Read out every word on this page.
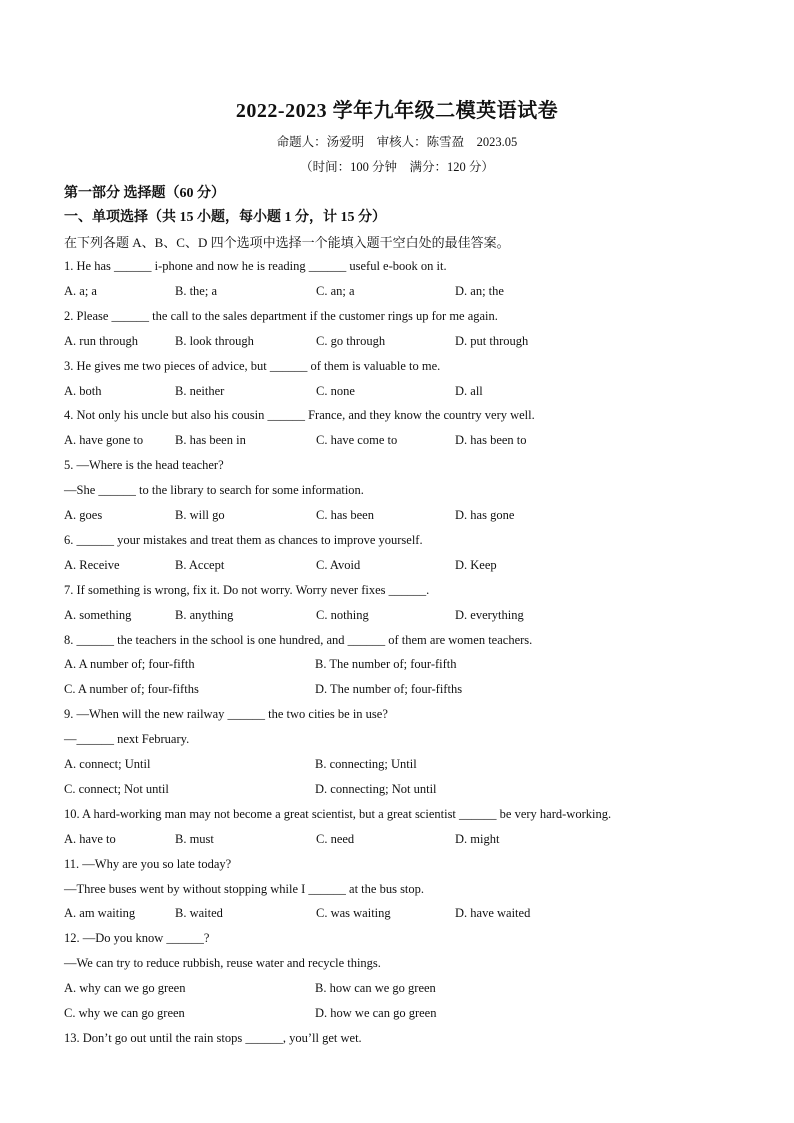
2022-2023 学年九年级二模英语试卷
命题人：汤爱明　审核人：陈雪盈　2023.05
（时间：100 分钟　满分：120 分）
第一部分 选择题（60 分）
一、单项选择（共 15 小题，每小题 1 分，计 15 分）
在下列各题 A、B、C、D 四个选项中选择一个能填入题干空白处的最佳答案。
1. He has ______ i-phone and now he is reading ______ useful e-book on it.
A. a; a	B. the; a	C. an; a	D. an; the
2. Please ______ the call to the sales department if the customer rings up for me again.
A. run through	B. look through	C. go through	D. put through
3. He gives me two pieces of advice, but ______ of them is valuable to me.
A. both	B. neither	C. none	D. all
4. Not only his uncle but also his cousin ______ France, and they know the country very well.
A. have gone to	B. has been in	C. have come to	D. has been to
5. —Where is the head teacher?
—She ______ to the library to search for some information.
A. goes	B. will go	C. has been	D. has gone
6. ______ your mistakes and treat them as chances to improve yourself.
A. Receive	B. Accept	C. Avoid	D. Keep
7. If something is wrong, fix it. Do not worry. Worry never fixes ______.
A. something	B. anything	C. nothing	D. everything
8. ______ the teachers in the school is one hundred, and ______ of them are women teachers.
A. A number of; four-fifth	B. The number of; four-fifth
C. A number of; four-fifths	D. The number of; four-fifths
9. —When will the new railway ______ the two cities be in use?
—______ next February.
A. connect; Until	B. connecting; Until
C. connect; Not until	D. connecting; Not until
10. A hard-working man may not become a great scientist, but a great scientist ______ be very hard-working.
A. have to	B. must	C. need	D. might
11. —Why are you so late today?
—Three buses went by without stopping while I ______ at the bus stop.
A. am waiting	B. waited	C. was waiting	D. have waited
12. —Do you know ______?
—We can try to reduce rubbish, reuse water and recycle things.
A. why can we go green	B. how can we go green
C. why we can go green	D. how we can go green
13. Don’t go out until the rain stops ______, you’ll get wet.
